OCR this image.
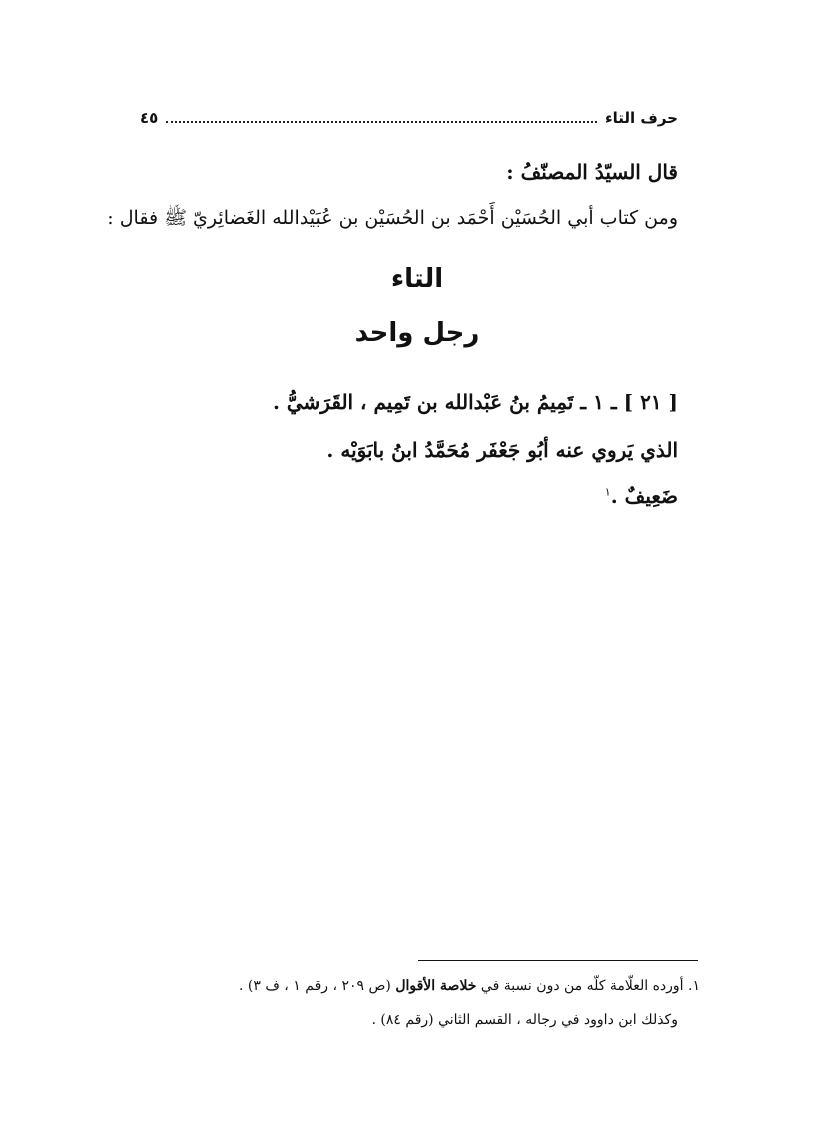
حرف التاء
٤٥
قال السيّدُ المصنّفُ :
ومن كتاب أبي الحُسَيْن أَحْمَد بن الحُسَيْن بن عُبَيْدالله الغَضائِريّ ﷺ فقال :
التاء
رجل واحد
[ ٢١ ] ـ ١ ـ تَمِيمُ بنُ عَبْدالله بن تَمِيم ، القَرَشيُّ .
الذي يَروي عنه أبُو جَعْفَر مُحَمَّدُ ابنُ بابَوَيْه .
ضَعِيفٌ .$^١$
١. أورده العلّامة كلّه من دون نسبة في خلاصة الأقوال (ص ٢٠٩ ، رقم ١ ، ف ٣) .
وكذلك ابن داوود في رجاله ، القسم الثاني (رقم ٨٤) .
